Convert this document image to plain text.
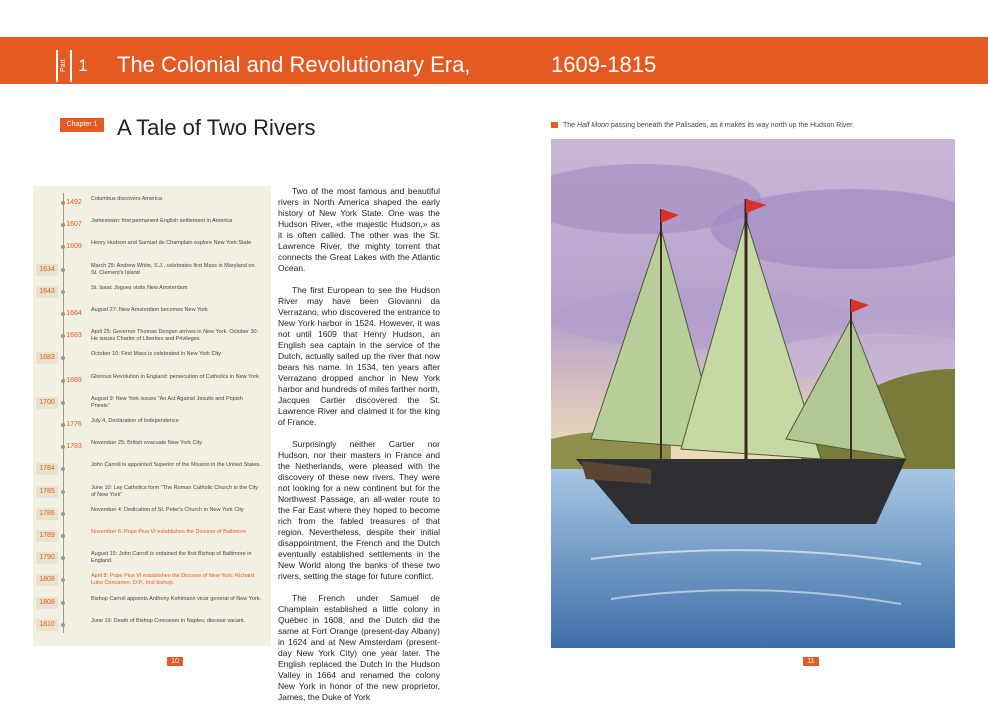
Part 1 The Colonial and Revolutionary Era,	1609-1815
Chapter 1 A Tale of Two Rivers
1492	Columbus discovers America
1607	Jamestown: first permanent English settlement in America
1609	Henry Hudson and Samuel de Champlain explore New York State
1634	March 25: Andrew White, S.J., celebrates first Mass in Maryland on St. Clement's Island
1643	St. Isaac Jogues visits New Amsterdam
1664	August 27: New Amsterdam becomes New York
1683	April 25: Governor Thomas Dongan arrives in New York. October 30: He issues Charter of Liberties and Privileges
1683	October 10: First Mass is celebrated in New York City
1689	Glorious Revolution in England: persecution of Catholics in New York
1700	August 9: New York issues "An Act Against Jesuits and Popish Priests"
1776	July 4, Declaration of Independence
1783	November 25: British evacuate New York City
1784	John Carroll is appointed Superior of the Mission in the United States.
1785	June 10: Lay Catholics form "The Roman Catholic Church in the City of New York"
1786	November 4: Dedication of St. Peter's Church in New York City
1789	November 6: Pope Pius VI establishes the Diocese of Baltimore
1790	August 15: John Carroll is ordained the first Bishop of Baltimore in England.
1808	April 8: Pope Pius VI establishes the Diocese of New York. Richard Luke Concanen, O.P., first bishop.
1808	Bishop Carroll appoints Anthony Kohlmann vicar general of New York.
1810	June 19: Death of Bishop Concanen in Naples; diocese vacant.

Two of the most famous and beautiful rivers in North America shaped the early history of New York State. One was the Hudson River, «the majestic Hudson,» as it is often called. The other was the St. Lawrence River, the mighty torrent that connects the Great Lakes with the Atlantic Ocean.

The first European to see the Hudson River may have been Giovanni da Verrazano, who discovered the entrance to New York harbor in 1524. However, it was not until 1609 that Henry Hudson, an English sea captain in the service of the Dutch, actually sailed up the river that now bears his name. In 1534, ten years after Verrazano dropped anchor in New York harbor and hundreds of miles farther north, Jacques Cartier discovered the St. Lawrence River and claimed it for the king of France.

Surprisingly neither Cartier nor Hudson, nor their masters in France and the Netherlands, were pleased with the discovery of these new rivers. They were not looking for a new continent but for the Northwest Passage, an all-water route to the Far East where they hoped to become rich from the fabled treasures of that region. Nevertheless, despite their initial disappointment, the French and the Dutch eventually established settlements in the New World along the banks of these two rivers, setting the stage for future conflict.

The French under Samuel de Champlain established a little colony in Québec in 1608, and the Dutch did the same at Fort Orange (present-day Albany) in 1624 and at New Amsterdam (present-day New York City) one year later. The English replaced the Dutch in the Hudson Valley in 1664 and renamed the colony New York in honor of the new proprietor, James, the Duke of York

10	11
The Half Moon passing beneath the Palisades, as it makes its way north up the Hudson River.
